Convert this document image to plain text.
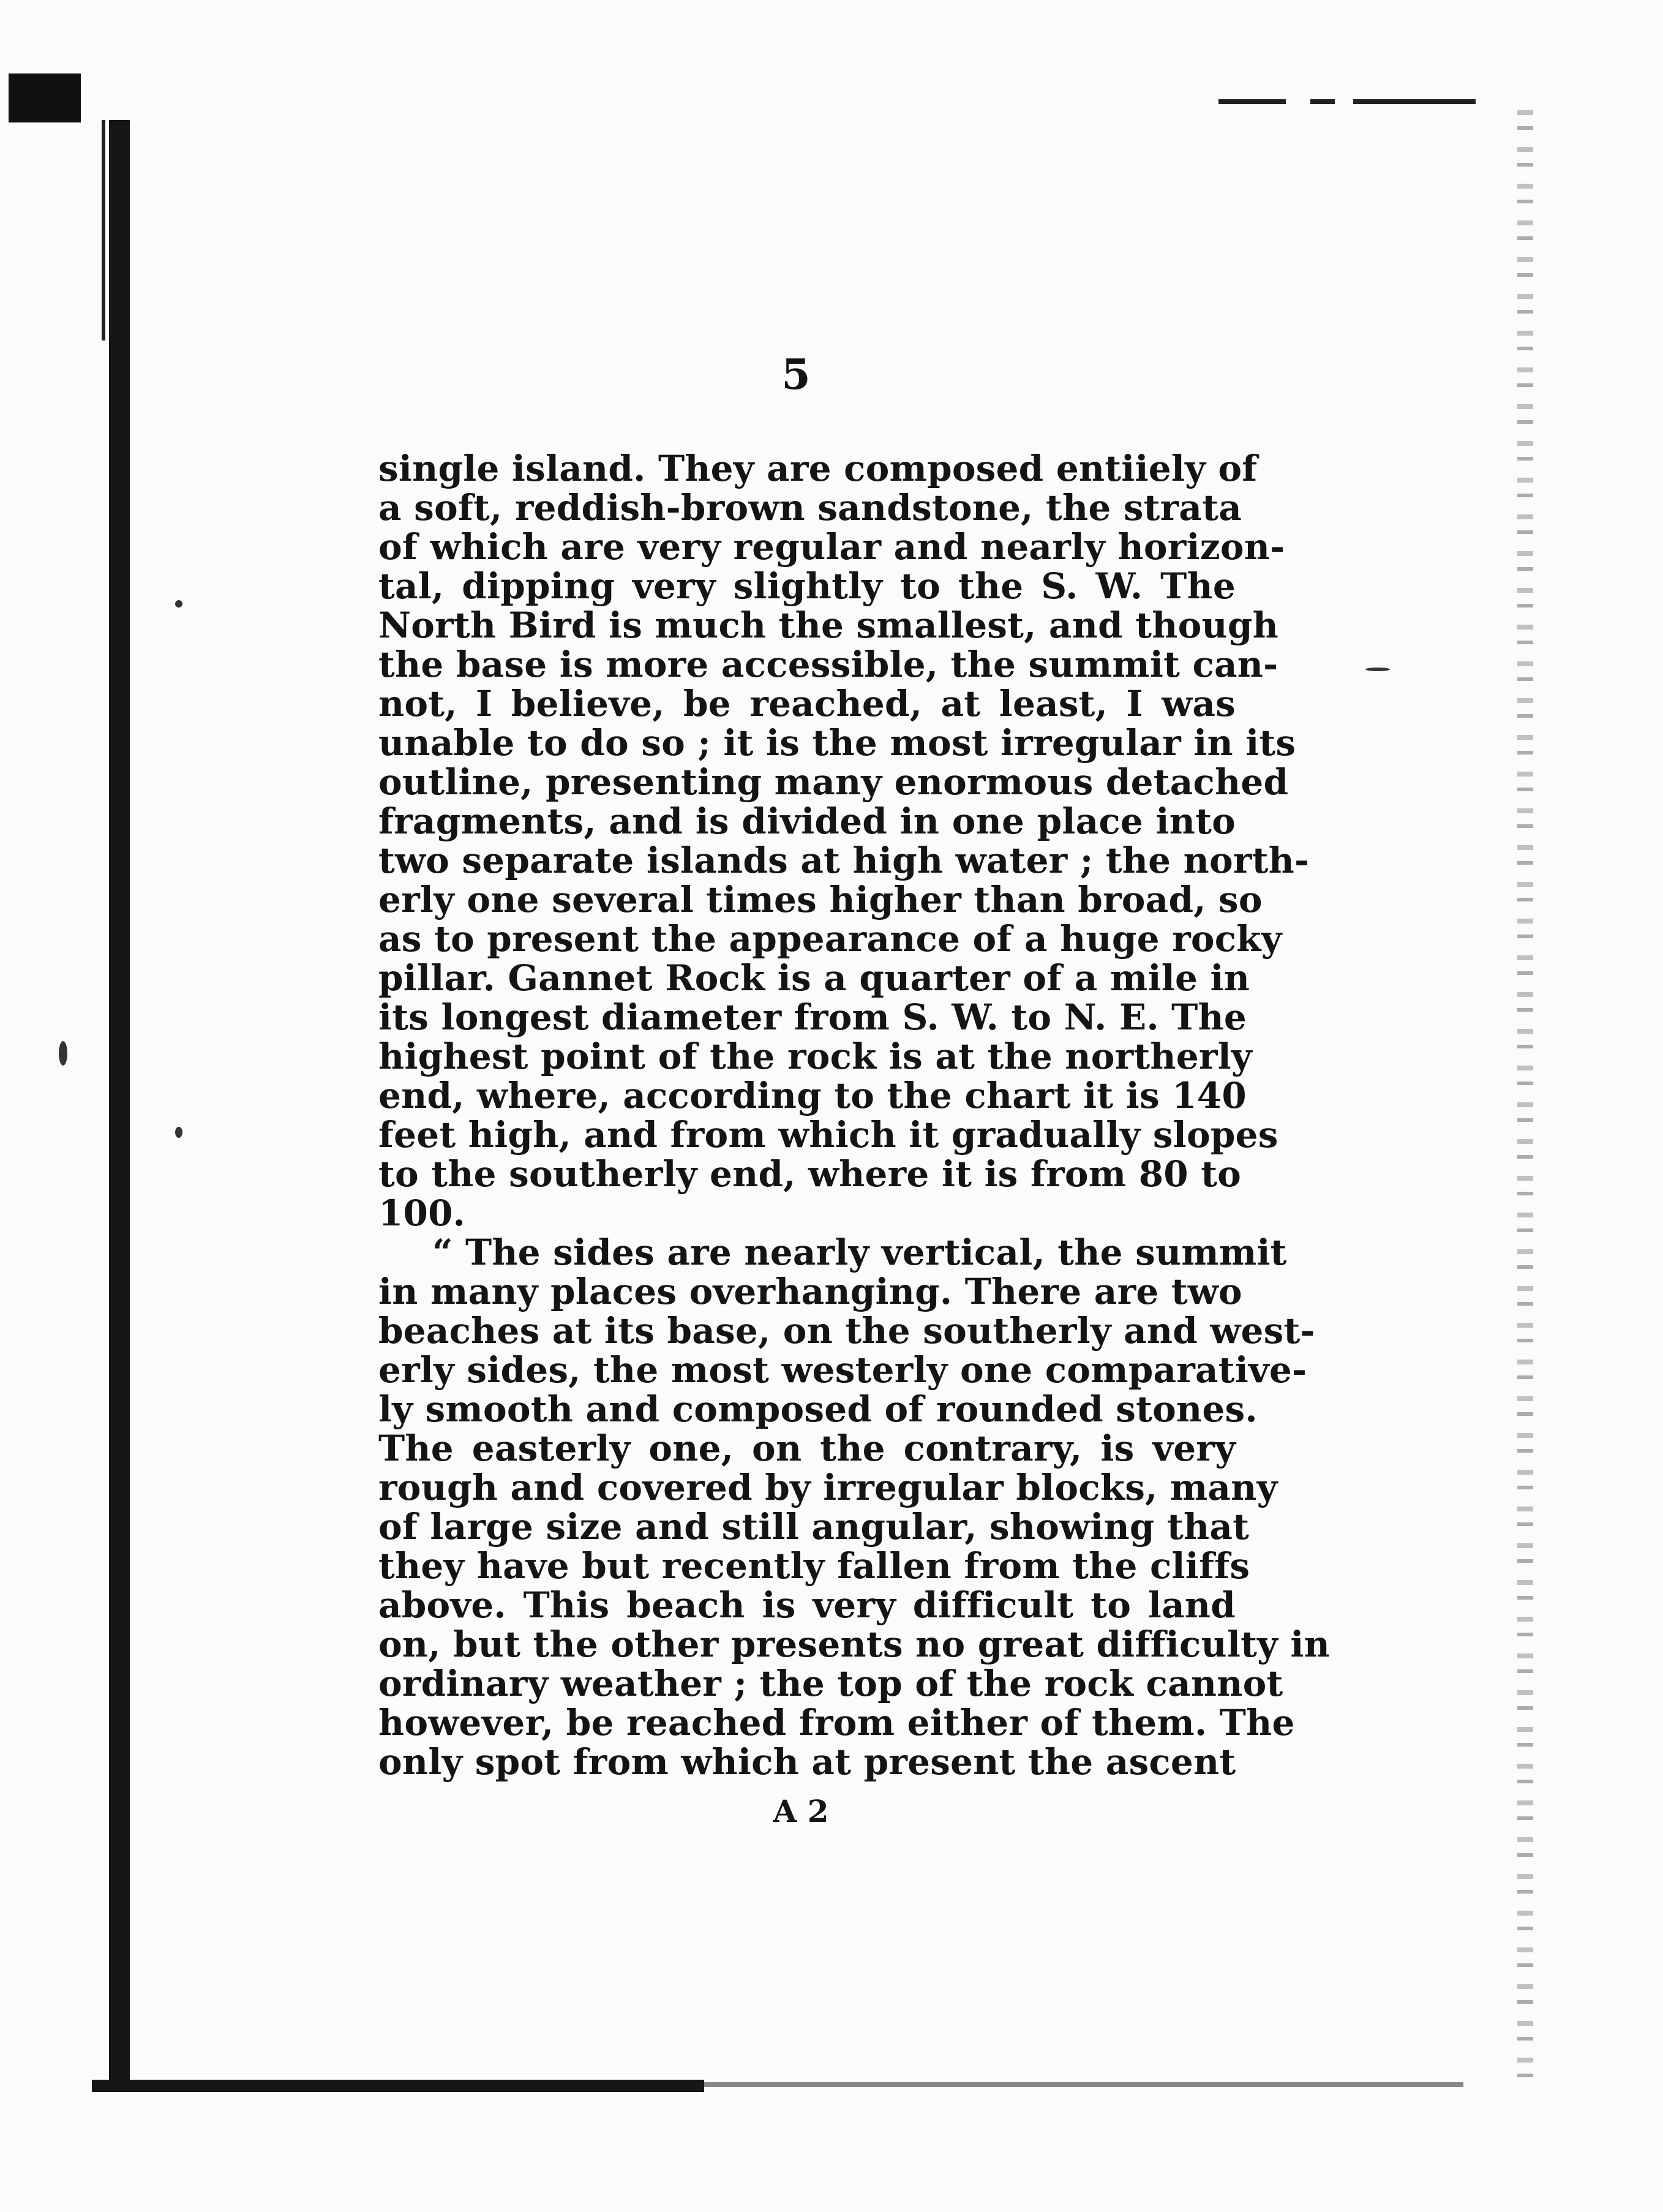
5
single island. They are composed entiiely of
a soft, reddish-brown sandstone, the strata
of which are very regular and nearly horizon-
tal, dipping very slightly to the S. W. The
North Bird is much the smallest, and though
the base is more accessible, the summit can-
not, I believe, be reached, at least, I was
unable to do so ; it is the most irregular in its
outline, presenting many enormous detached
fragments, and is divided in one place into
two separate islands at high water ; the north-
erly one several times higher than broad, so
as to present the appearance of a huge rocky
pillar. Gannet Rock is a quarter of a mile in
its longest diameter from S. W. to N. E. The
highest point of the rock is at the northerly
end, where, according to the chart it is 140
feet high, and from which it gradually slopes
to the southerly end, where it is from 80 to
100.
“ The sides are nearly vertical, the summit
in many places overhanging. There are two
beaches at its base, on the southerly and west-
erly sides, the most westerly one comparative-
ly smooth and composed of rounded stones.
The easterly one, on the contrary, is very
rough and covered by irregular blocks, many
of large size and still angular, showing that
they have but recently fallen from the cliffs
above. This beach is very difficult to land
on, but the other presents no great difficulty in
ordinary weather ; the top of the rock cannot
however, be reached from either of them. The
only spot from which at present the ascent
A 2
